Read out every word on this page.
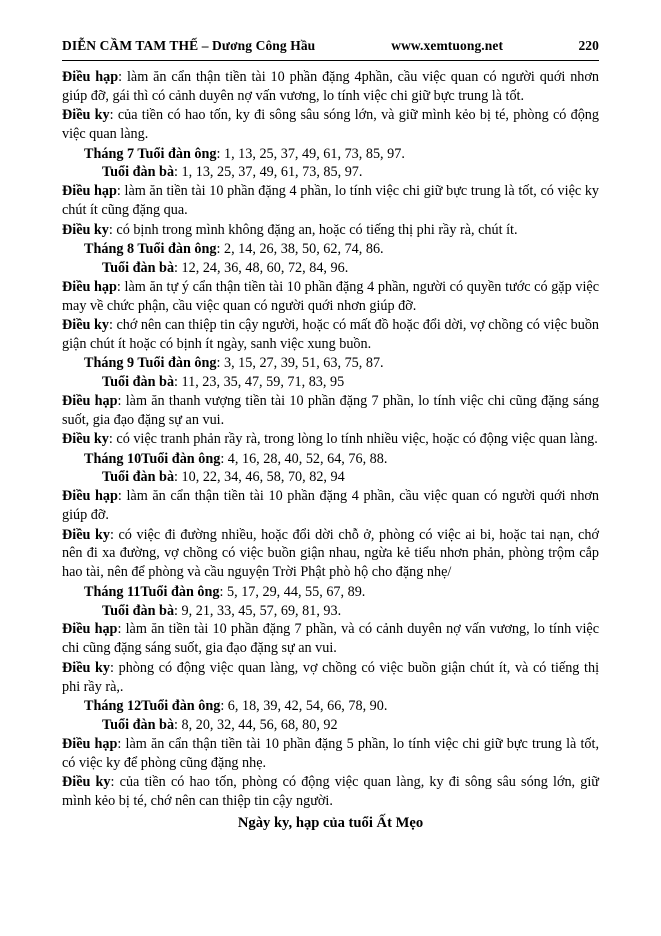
DIỄN CẦM TAM THẾ – Dương Công Hầu	www.xemtuong.net	220
Điều hạp: làm ăn cẩn thận tiền tài 10 phần đặng 4phần, cầu việc quan có người quới nhơn giúp đỡ, gái thì có cảnh duyên nợ vấn vương, lo tính việc chi giữ bực trung là tốt.
Điều ky: của tiền có hao tốn, ky đi sông sâu sóng lớn, và giữ mình kẻo bị té, phòng có động việc quan làng.
Tháng 7 Tuổi đàn ông: 1, 13, 25, 37, 49, 61, 73, 85, 97.
Tuổi đàn bà: 1, 13, 25, 37, 49, 61, 73, 85, 97.
Điều hạp: làm ăn tiền tài 10 phần đặng 4 phần, lo tính việc chi giữ bực trung là tốt, có việc ky chút ít cũng đặng qua.
Điều ky: có bịnh trong mình không đặng an, hoặc có tiếng thị phi rầy rà, chút ít.
Tháng 8 Tuổi đàn ông: 2, 14, 26, 38, 50, 62, 74, 86.
Tuổi đàn bà: 12, 24, 36, 48, 60, 72, 84, 96.
Điều hạp: làm ăn tự ý cẩn thận tiền tài 10 phần đặng 4 phần, người có quyền tước có gặp việc may về chức phận, cầu việc quan có người quới nhơn giúp đỡ.
Điều ky: chớ nên can thiệp tin cậy người, hoặc có mất đồ hoặc đổi dời, vợ chồng có việc buồn giận chút ít hoặc có bịnh ít ngày, sanh việc xung buồn.
Tháng 9 Tuổi đàn ông: 3, 15, 27, 39, 51, 63, 75, 87.
Tuổi đàn bà: 11, 23, 35, 47, 59, 71, 83, 95
Điều hạp: làm ăn thanh vượng tiền tài 10 phần đặng 7 phần, lo tính việc chi cũng đặng sáng suốt, gia đạo đặng sự an vui.
Điều ky: có việc tranh phản rầy rà, trong lòng lo tính nhiều việc, hoặc có động việc quan làng.
Tháng 10Tuổi đàn ông: 4, 16, 28, 40, 52, 64, 76, 88.
Tuổi đàn bà: 10, 22, 34, 46, 58, 70, 82, 94
Điều hạp: làm ăn cẩn thận tiền tài 10 phần đặng 4 phần, cầu việc quan có người quới nhơn giúp đỡ.
Điều ky: có việc đi đường nhiều, hoặc đổi dời chỗ ở, phòng có việc ai bi, hoặc tai nạn, chớ nên đi xa đường, vợ chồng có việc buồn giận nhau, ngừa kẻ tiểu nhơn phản, phòng trộm cắp hao tài, nên để phòng và cầu nguyện Trời Phật phò hộ cho đặng nhẹ/
Tháng 11Tuổi đàn ông: 5, 17, 29, 44, 55, 67, 89.
Tuổi đàn bà: 9, 21, 33, 45, 57, 69, 81, 93.
Điều hạp: làm ăn tiền tài 10 phần đặng 7 phần, và có cảnh duyên nợ vấn vương, lo tính việc chi cũng đặng sáng suốt, gia đạo đặng sự an vui.
Điều ky: phòng có động việc quan làng, vợ chồng có việc buồn giận chút ít, và có tiếng thị phi rầy rà,.
Tháng 12Tuổi đàn ông: 6, 18, 39, 42, 54, 66, 78, 90.
Tuổi đàn bà: 8, 20, 32, 44, 56, 68, 80, 92
Điều hạp: làm ăn cẩn thận tiền tài 10 phần đặng 5 phần, lo tính việc chi giữ bực trung là tốt, có việc ky để phòng cũng đặng nhẹ.
Điều ky: của tiền có hao tốn, phòng có động việc quan làng, ky đi sông sâu sóng lớn, giữ mình kẻo bị té, chớ nên can thiệp tin cậy người.
Ngày ky, hạp của tuổi Ất Mẹo
